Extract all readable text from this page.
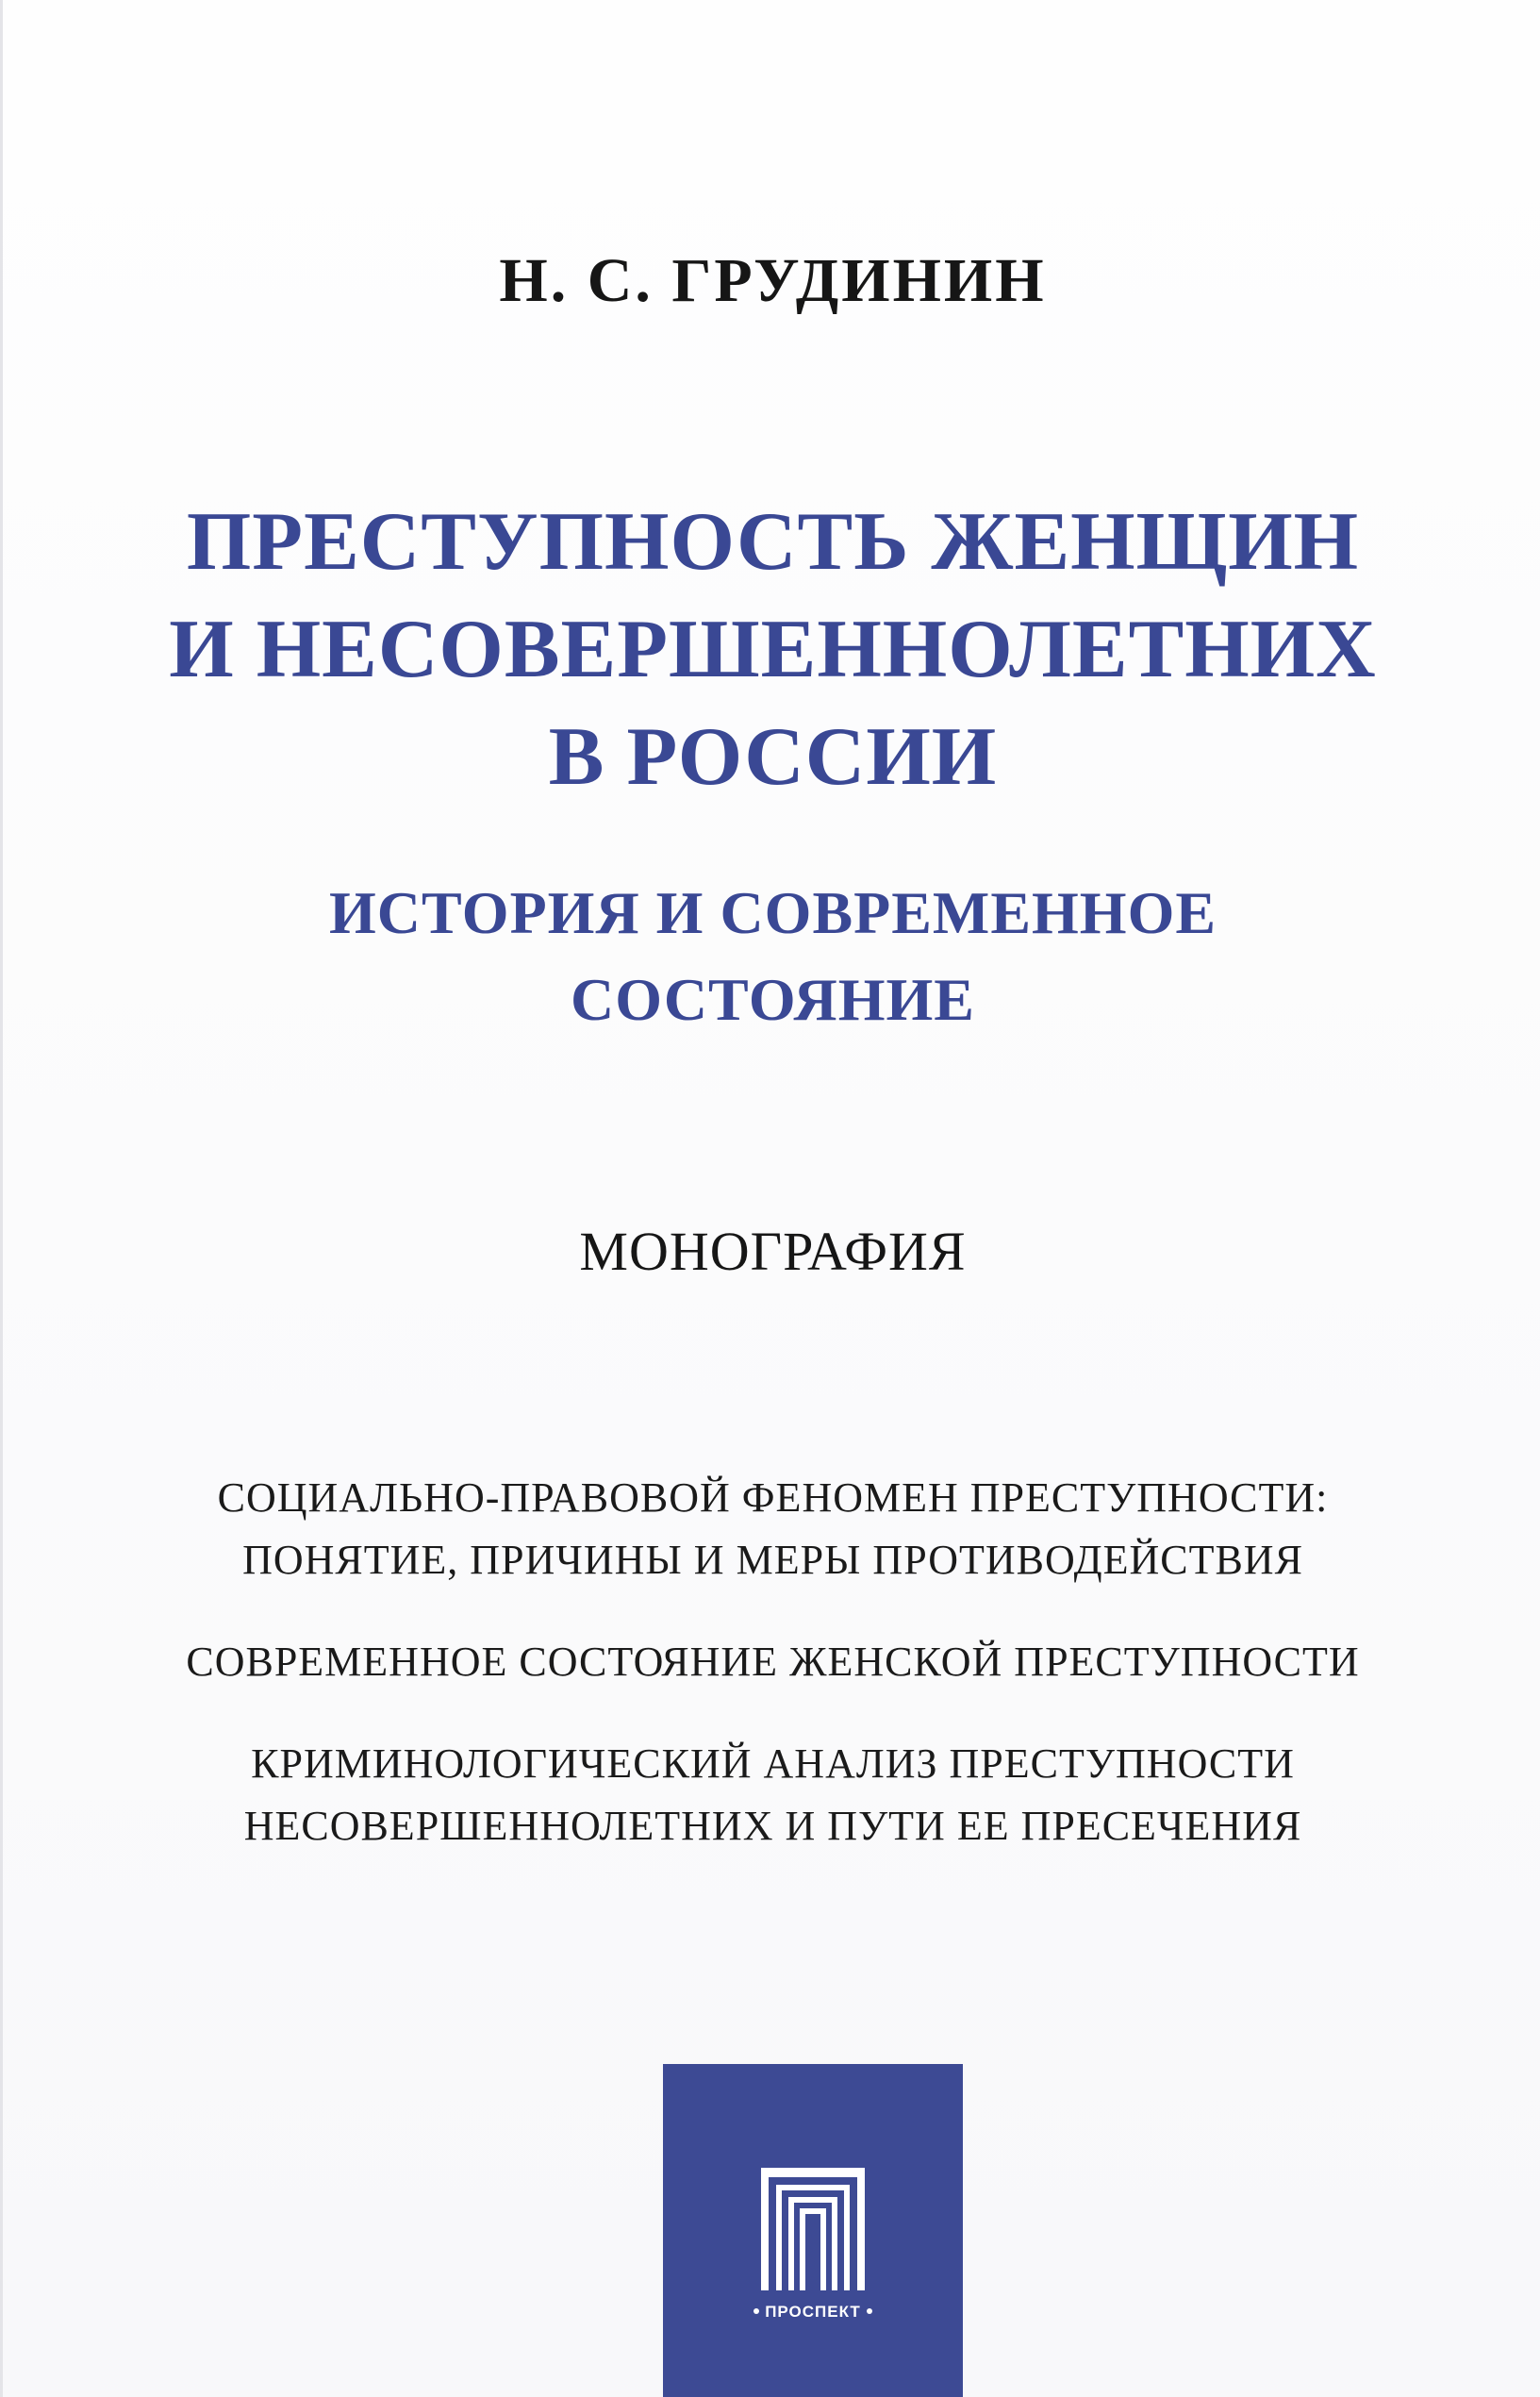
Н. С. ГРУДИНИН
ПРЕСТУПНОСТЬ ЖЕНЩИН
И НЕСОВЕРШЕННОЛЕТНИХ
В РОССИИ
ИСТОРИЯ И СОВРЕМЕННОЕ
СОСТОЯНИЕ

МОНОГРАФИЯ

СОЦИАЛЬНО-ПРАВОВОЙ ФЕНОМЕН ПРЕСТУПНОСТИ:
ПОНЯТИЕ, ПРИЧИНЫ И МЕРЫ ПРОТИВОДЕЙСТВИЯ

СОВРЕМЕННОЕ СОСТОЯНИЕ ЖЕНСКОЙ ПРЕСТУПНОСТИ

КРИМИНОЛОГИЧЕСКИЙ АНАЛИЗ ПРЕСТУПНОСТИ
НЕСОВЕРШЕННОЛЕТНИХ И ПУТИ ЕЕ ПРЕСЕЧЕНИЯ

ПРОСПЕКТ
